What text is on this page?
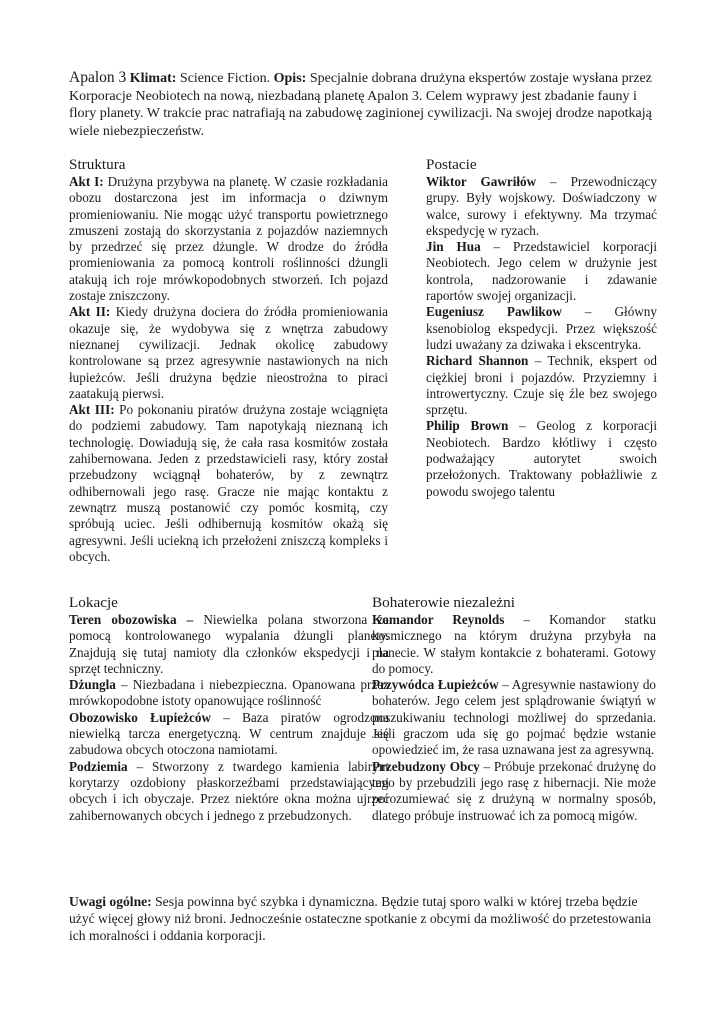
Apalon 3 Klimat: Science Fiction. Opis: Specjalnie dobrana drużyna ekspertów zostaje wysłana przez Korporacje Neobiotech na nową, niezbadaną planetę Apalon 3. Celem wyprawy jest zbadanie fauny i flory planety. W trakcie prac natrafiają na zabudowę zaginionej cywilizacji. Na swojej drodze napotkają wiele niebezpieczeństw.
Struktura

Akt I: Drużyna przybywa na planetę. W czasie rozkładania obozu dostarczona jest im informacja o dziwnym promieniowaniu. Nie mogąc użyć transportu powietrznego zmuszeni zostają do skorzystania z pojazdów naziemnych by przedrzeć się przez dżungle. W drodze do źródła promieniowania za pomocą kontroli roślinności dżungli atakują ich roje mrówkopodobnych stworzeń. Ich pojazd zostaje zniszczony.

Akt II: Kiedy drużyna dociera do źródła promieniowania okazuje się, że wydobywa się z wnętrza zabudowy nieznanej cywilizacji. Jednak okolicę zabudowy kontrolowane są przez agresywnie nastawionych na nich łupieżców. Jeśli drużyna będzie nieostrożna to piraci zaatakują pierwsi.

Akt III: Po pokonaniu piratów drużyna zostaje wciągnięta do podziemi zabudowy. Tam napotykają nieznaną ich technologię. Dowiadują się, że cała rasa kosmitów została zahibernowana. Jeden z przedstawicieli rasy, który został przebudzony wciągnął bohaterów, by z zewnątrz odhibernowali jego rasę. Gracze nie mając kontaktu z zewnątrz muszą postanowić czy pomóc kosmitą, czy spróbują uciec. Jeśli odhibernują kosmitów okażą się agresywni. Jeśli uciekną ich przełożeni zniszczą kompleks i obcych.

Postacie

Wiktor Gawriłów – Przewodniczący grupy. Były wojskowy. Doświadczony w walce, surowy i efektywny. Ma trzymać ekspedycję w ryzach.

Jin Hua – Przedstawiciel korporacji Neobiotech. Jego celem w drużynie jest kontrola, nadzorowanie i zdawanie raportów swojej organizacji.

Eugeniusz Pawlikow – Główny ksenobiolog ekspedycji. Przez większość ludzi uważany za dziwaka i ekscentryka.

Richard Shannon – Technik, ekspert od ciężkiej broni i pojazdów. Przyziemny i introwertyczny. Czuje się źle bez swojego sprzętu.

Philip Brown – Geolog z korporacji Neobiotech. Bardzo kłótliwy i często podważający autorytet swoich przełożonych. Traktowany pobłażliwie z powodu swojego talentu

Lokacje

Teren obozowiska – Niewielka polana stworzona za pomocą kontrolowanego wypalania dżungli planety. Znajdują się tutaj namioty dla członków ekspedycji i na sprzęt techniczny.

Dżungla – Niezbadana i niebezpieczna. Opanowana przez mrówkopodobne istoty opanowujące roślinność

Obozowisko Łupieżców – Baza piratów ogrodzona niewielką tarcza energetyczną. W centrum znajduje się zabudowa obcych otoczona namiotami.

Podziemia – Stworzony z twardego kamienia labirynt korytarzy ozdobiony płaskorzeźbami przedstawiającymi obcych i ich obyczaje. Przez niektóre okna można ujrzeć zahibernowanych obcych i jednego z przebudzonych.

Bohaterowie niezależni

Komandor Reynolds – Komandor statku kosmicznego na którym drużyna przybyła na planecie. W stałym kontakcie z bohaterami. Gotowy do pomocy.

Przywódca Łupieżców – Agresywnie nastawiony do bohaterów. Jego celem jest splądrowanie świątyń w poszukiwaniu technologi możliwej do sprzedania. Jeśli graczom uda się go pojmać będzie wstanie opowiedzieć im, że rasa uznawana jest za agresywną.

Przebudzony Obcy – Próbuje przekonać drużynę do tego by przebudzili jego rasę z hibernacji. Nie może porozumiewać się z drużyną w normalny sposób, dlatego próbuje instruować ich za pomocą migów.

Uwagi ogólne: Sesja powinna być szybka i dynamiczna. Będzie tutaj sporo walki w której trzeba będzie użyć więcej głowy niż broni. Jednocześnie ostateczne spotkanie z obcymi da możliwość do przetestowania ich moralności i oddania korporacji.
